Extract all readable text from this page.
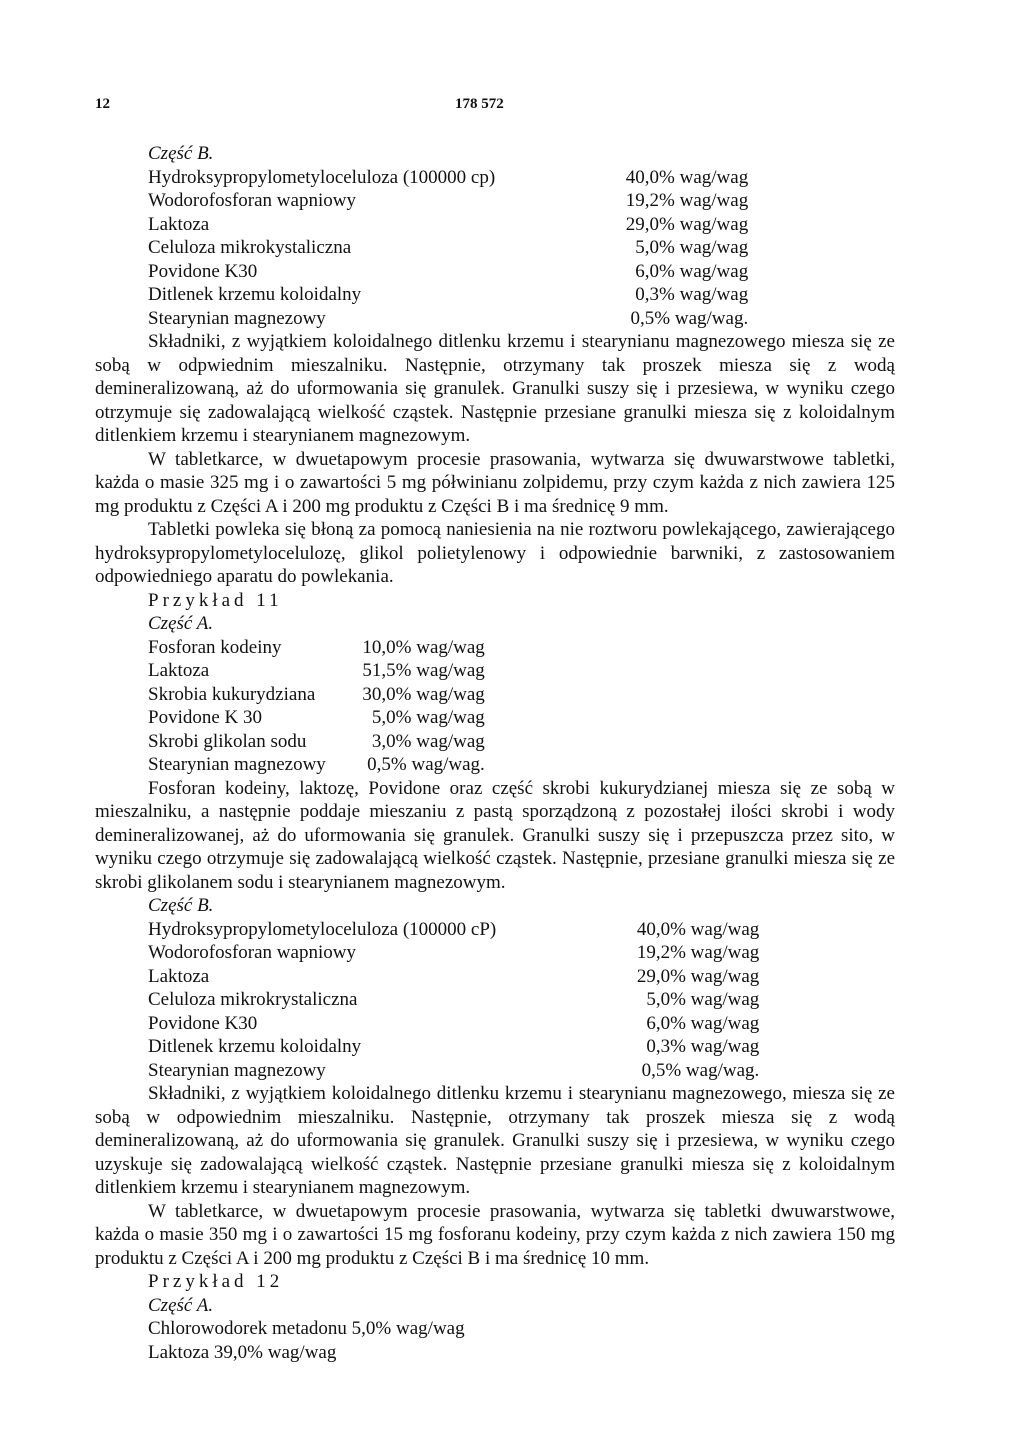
12	178 572
Część B.
Hydroksypropylometyloceluloza (100000 cp)	40,0% wag/wag
Wodorofosforan wapniowy	19,2% wag/wag
Laktoza	29,0% wag/wag
Celuloza mikrokystaliczna	5,0% wag/wag
Povidone K30	6,0% wag/wag
Ditlenek krzemu koloidalny	0,3% wag/wag
Stearynian magnezowy	0,5% wag/wag.
Składniki, z wyjątkiem koloidalnego ditlenku krzemu i stearynianu magnezowego miesza się ze sobą w odpwiednim mieszalniku. Następnie, otrzymany tak proszek miesza się z wodą demineralizowaną, aż do uformowania się granulek. Granulki suszy się i przesiewa, w wyniku czego otrzymuje się zadowalającą wielkość cząstek. Następnie przesiane granulki miesza się z koloidalnym ditlenkiem krzemu i stearynianem magnezowym.
W tabletkarce, w dwuetapowym procesie prasowania, wytwarza się dwuwarstwowe tabletki, każda o masie 325 mg i o zawartości 5 mg półwinianu zolpidemu, przy czym każda z nich zawiera 125 mg produktu z Części A i 200 mg produktu z Części B i ma średnicę 9 mm.
Tabletki powleka się błoną za pomocą naniesienia na nie roztworu powlekającego, zawierającego hydroksypropylometylocelulozę, glikol polietylenowy i odpowiednie barwniki, z zastosowaniem odpowiedniego aparatu do powlekania.
Przykład 11
Część A.
Fosforan kodeiny	10,0% wag/wag
Laktoza	51,5% wag/wag
Skrobia kukurydziana	30,0% wag/wag
Povidone K 30	5,0% wag/wag
Skrobi glikolan sodu	3,0% wag/wag
Stearynian magnezowy	0,5% wag/wag.
Fosforan kodeiny, laktozę, Povidone oraz część skrobi kukurydzianej miesza się ze sobą w mieszalniku, a następnie poddaje mieszaniu z pastą sporządzoną z pozostałej ilości skrobi i wody demineralizowanej, aż do uformowania się granulek. Granulki suszy się i przepuszcza przez sito, w wyniku czego otrzymuje się zadowalającą wielkość cząstek. Następnie, przesiane granulki miesza się ze skrobi glikolanem sodu i stearynianem magnezowym.
Część B.
Hydroksypropylometyloceluloza (100000 cP)	40,0% wag/wag
Wodorofosforan wapniowy	19,2% wag/wag
Laktoza	29,0% wag/wag
Celuloza mikrokrystaliczna	5,0% wag/wag
Povidone K30	6,0% wag/wag
Ditlenek krzemu koloidalny	0,3% wag/wag
Stearynian magnezowy	0,5% wag/wag.
Składniki, z wyjątkiem koloidalnego ditlenku krzemu i stearynianu magnezowego, miesza się ze sobą w odpowiednim mieszalniku. Następnie, otrzymany tak proszek miesza się z wodą demineralizowaną, aż do uformowania się granulek. Granulki suszy się i przesiewa, w wyniku czego uzyskuje się zadowalającą wielkość cząstek. Następnie przesiane granulki miesza się z koloidalnym ditlenkiem krzemu i stearynianem magnezowym.
W tabletkarce, w dwuetapowym procesie prasowania, wytwarza się tabletki dwuwarstwowe, każda o masie 350 mg i o zawartości 15 mg fosforanu kodeiny, przy czym każda z nich zawiera 150 mg produktu z Części A i 200 mg produktu z Części B i ma średnicę 10 mm.
Przykład 12
Część A.
Chlorowodorek metadonu 5,0% wag/wag
Laktoza 39,0% wag/wag
